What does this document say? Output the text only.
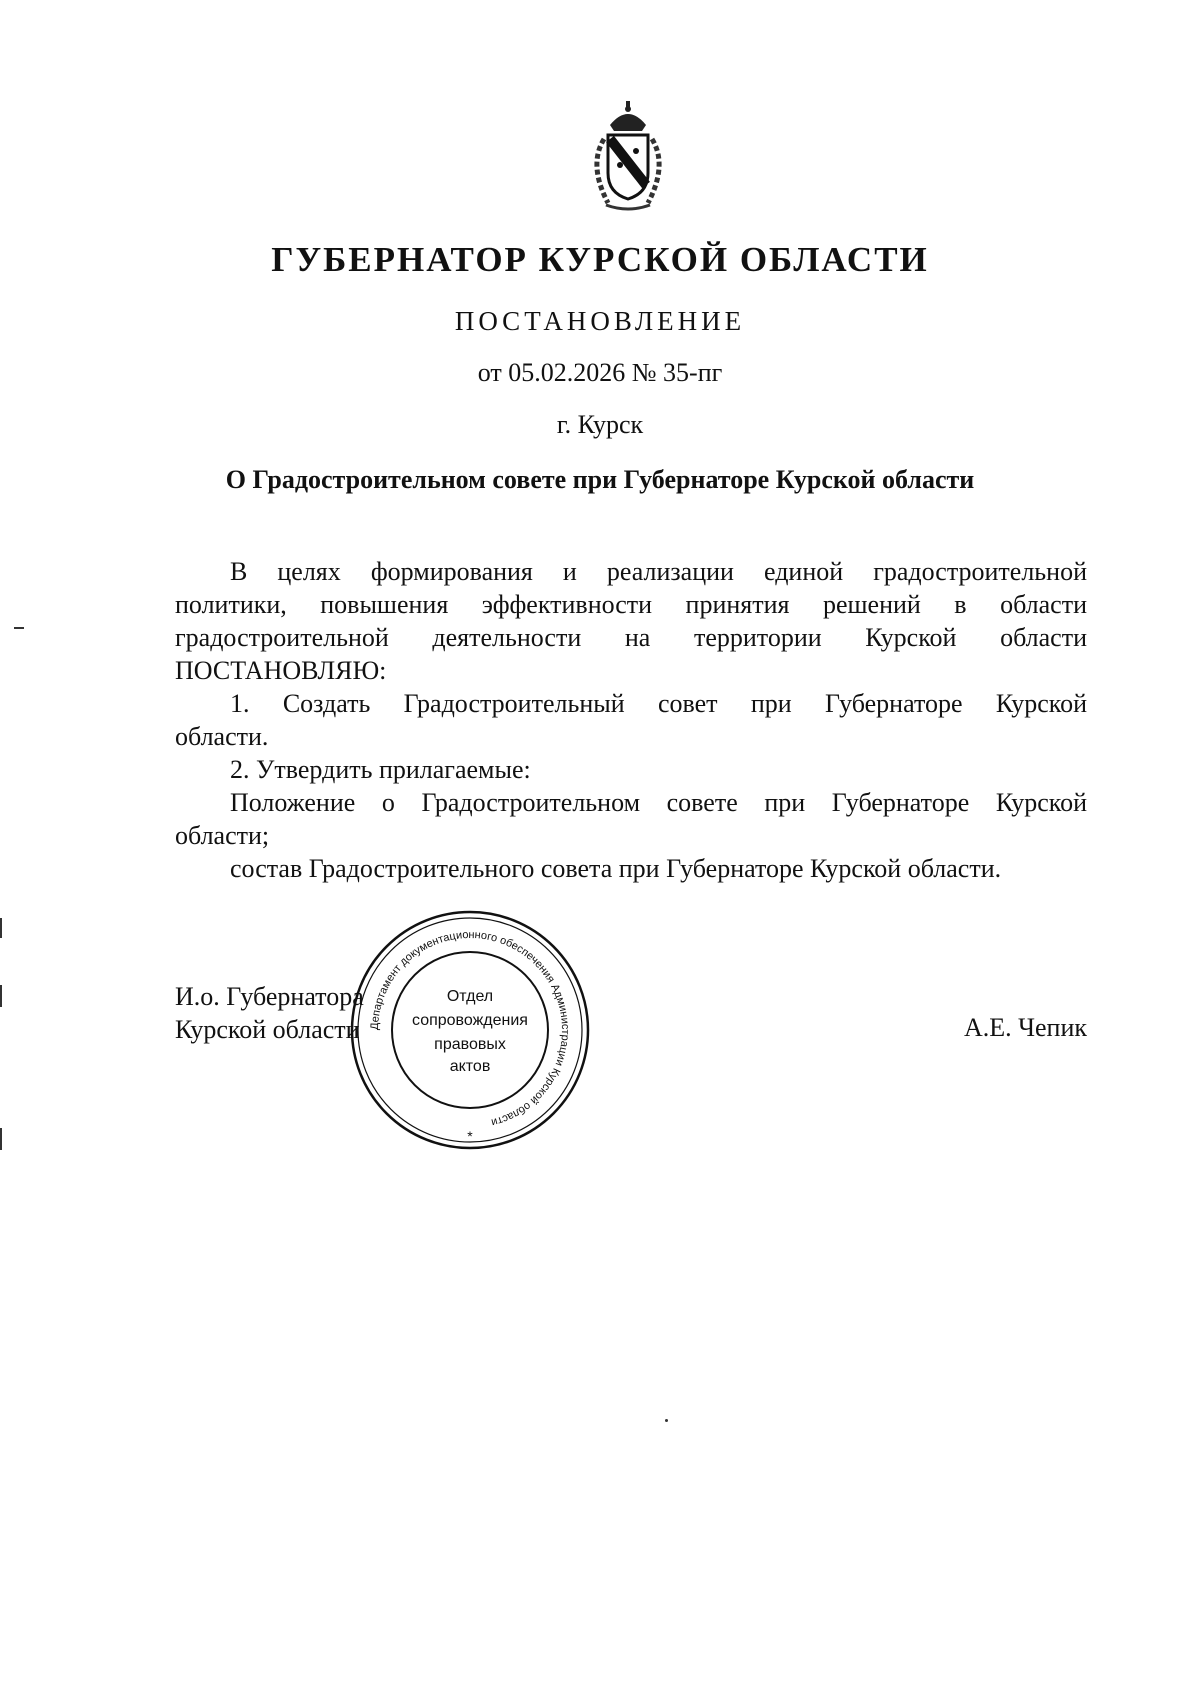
ГУБЕРНАТОР КУРСКОЙ ОБЛАСТИ
ПОСТАНОВЛЕНИЕ
от 05.02.2026 № 35-пг
г. Курск
О Градостроительном совете при Губернаторе Курской области

В целях формирования и реализации единой градостроительной

политики, повышения эффективности принятия решений в области

градостроительной деятельности на территории Курской области

ПОСТАНОВЛЯЮ:

1. Создать Градостроительный совет при Губернаторе Курской

области.

2. Утвердить прилагаемые:

Положение о Градостроительном совете при Губернаторе Курской

области;

состав Градостроительного совета при Губернаторе Курской области.

И.о. Губернатора
Курской области	А.Е. Чепик
Департамент документационного обеспечения Администрации Курской области
Отдел
сопровождения
правовых
актов
*
